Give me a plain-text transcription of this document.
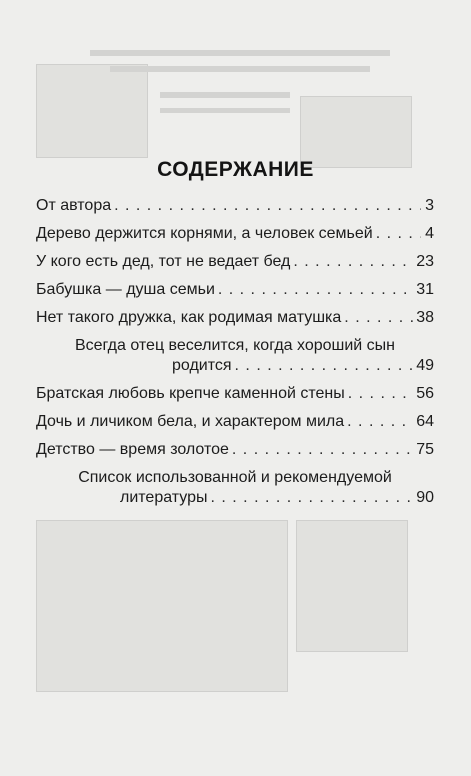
СОДЕРЖАНИЕ
От автора . . .	3
Дерево держится корнями, а человек семьей . . .	4
У кого есть дед, тот не ведает бед . . .	23
Бабушка — душа семьи . . .	31
Нет такого дружка, как родимая матушка . . .	38
Всегда отец веселится, когда хороший сын
родится . . .	49
Братская любовь крепче каменной стены . . .	56
Дочь и личиком бела, и характером мила . . .	64
Детство — время золотое . . .	75
Список использованной и рекомендуемой
литературы . . .	90
